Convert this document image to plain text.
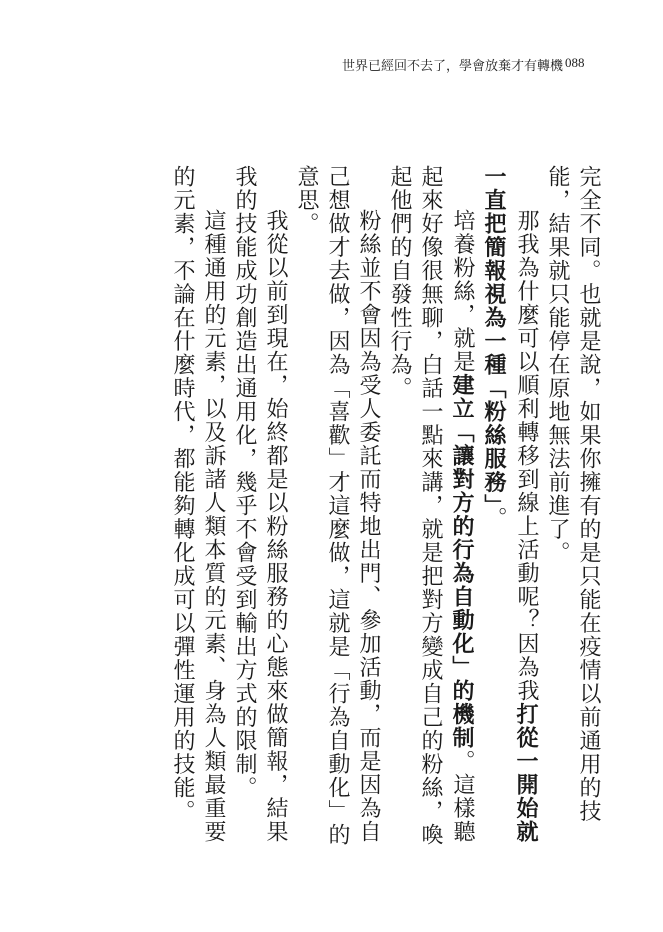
世界已經回不去了，學會放棄才有轉機 088

完全不同。也就是說，如果你擁有的是只能在疫情以前通用的技能，結果就只能停在原地無法前進了。

那我為什麼可以順利轉移到線上活動呢？因為我打從一開始就一直把簡報視為一種「粉絲服務」。

培養粉絲，就是建立「讓對方的行為自動化」的機制。這樣聽起來好像很無聊，白話一點來講，就是把對方變成自己的粉絲，喚起他們的自發性行為。

粉絲並不會因為受人委託而特地出門、參加活動，而是因為自己想做才去做，因為「喜歡」才這麼做，這就是「行為自動化」的意思。

我從以前到現在，始終都是以粉絲服務的心態來做簡報，結果我的技能成功創造出通用化，幾乎不會受到輸出方式的限制。

這種通用的元素，以及訴諸人類本質的元素、身為人類最重要的元素，不論在什麼時代，都能夠轉化成可以彈性運用的技能。
